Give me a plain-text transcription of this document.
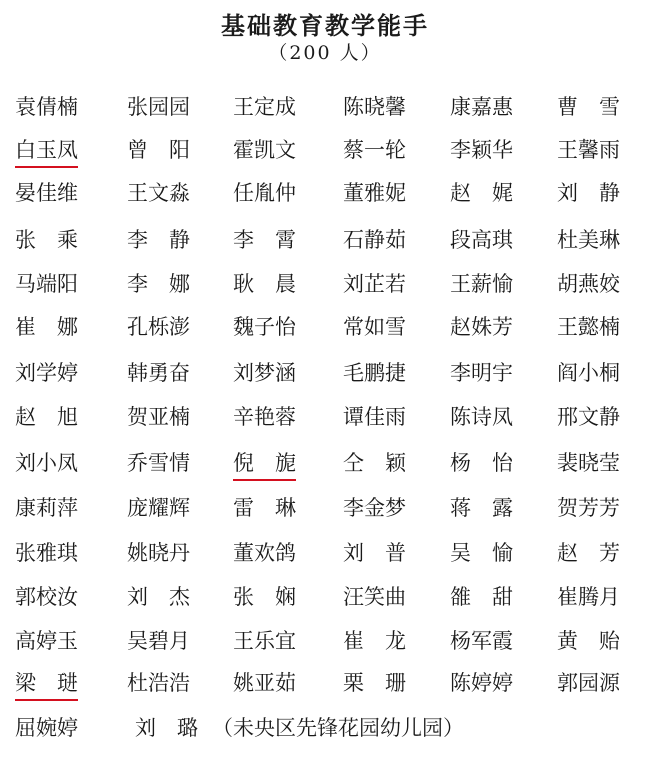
基础教育教学能手
（200 人）
袁倩楠 张园园 王定成 陈晓馨 康嘉惠 曹　雪
白玉凤 曾　阳 霍凯文 蔡一轮 李颖华 王馨雨
晏佳维 王文淼 任胤仲 董雅妮 赵　娓 刘　静
张　乘 李　静 李　霄 石静茹 段高琪 杜美琳
马端阳 李　娜 耿　晨 刘芷若 王薪愉 胡燕姣
崔　娜 孔栎澎 魏子怡 常如雪 赵姝芳 王懿楠
刘学婷 韩勇奋 刘梦涵 毛鹏捷 李明宇 阎小桐
赵　旭 贺亚楠 辛艳蓉 谭佳雨 陈诗凤 邢文静
刘小凤 乔雪情 倪　旎 仝　颖 杨　怡 裴晓莹
康莉萍 庞耀辉 雷　琳 李金梦 蒋　露 贺芳芳
张雅琪 姚晓丹 董欢鸽 刘　普 吴　愉 赵　芳
郭校汝 刘　杰 张　娴 汪笑曲 雒　甜 崔腾月
高婷玉 吴碧月 王乐宜 崔　龙 杨军霞 黄　贻
梁　琎 杜浩浩 姚亚茹 栗　珊 陈婷婷 郭园源
屈婉婷	刘　璐 （未央区先锋花园幼儿园）
